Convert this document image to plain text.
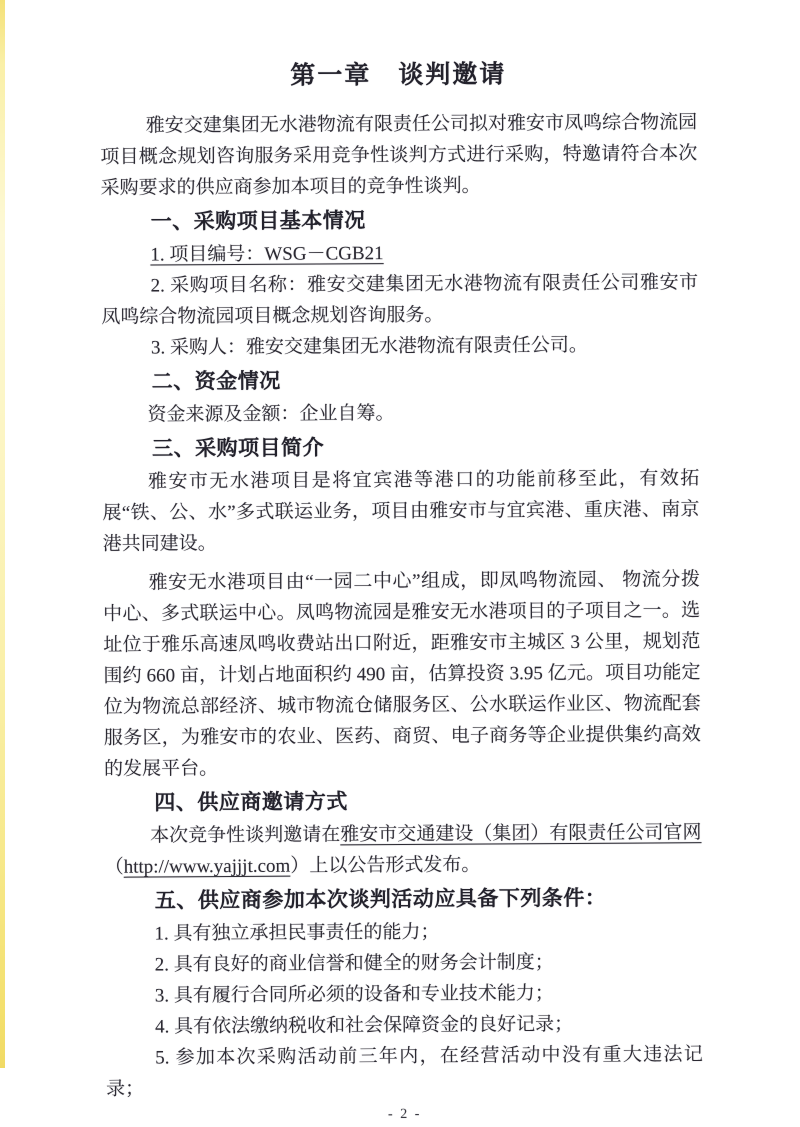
第一章　谈判邀请

雅安交建集团无水港物流有限责任公司拟对雅安市凤鸣综合物流园项目概念规划咨询服务采用竞争性谈判方式进行采购，特邀请符合本次采购要求的供应商参加本项目的竞争性谈判。

一、采购项目基本情况

1. 项目编号：WSG－CGB21

2. 采购项目名称：雅安交建集团无水港物流有限责任公司雅安市凤鸣综合物流园项目概念规划咨询服务。

3. 采购人：雅安交建集团无水港物流有限责任公司。

二、资金情况

资金来源及金额：企业自筹。

三、采购项目简介

雅安市无水港项目是将宜宾港等港口的功能前移至此，有效拓展“铁、公、水”多式联运业务，项目由雅安市与宜宾港、重庆港、南京港共同建设。

雅安无水港项目由“一园二中心”组成，即凤鸣物流园、 物流分拨中心、多式联运中心。凤鸣物流园是雅安无水港项目的子项目之一。选址位于雅乐高速凤鸣收费站出口附近，距雅安市主城区 3 公里，规划范围约 660 亩，计划占地面积约 490 亩，估算投资 3.95 亿元。项目功能定位为物流总部经济、城市物流仓储服务区、公水联运作业区、物流配套服务区，为雅安市的农业、医药、商贸、电子商务等企业提供集约高效的发展平台。

四、供应商邀请方式

本次竞争性谈判邀请在雅安市交通建设（集团）有限责任公司官网（http://www.yajjjt.com）上以公告形式发布。

五、供应商参加本次谈判活动应具备下列条件：

1. 具有独立承担民事责任的能力；

2. 具有良好的商业信誉和健全的财务会计制度；

3. 具有履行合同所必须的设备和专业技术能力；

4. 具有依法缴纳税收和社会保障资金的良好记录；

5. 参加本次采购活动前三年内，在经营活动中没有重大违法记录；

- 2 -
